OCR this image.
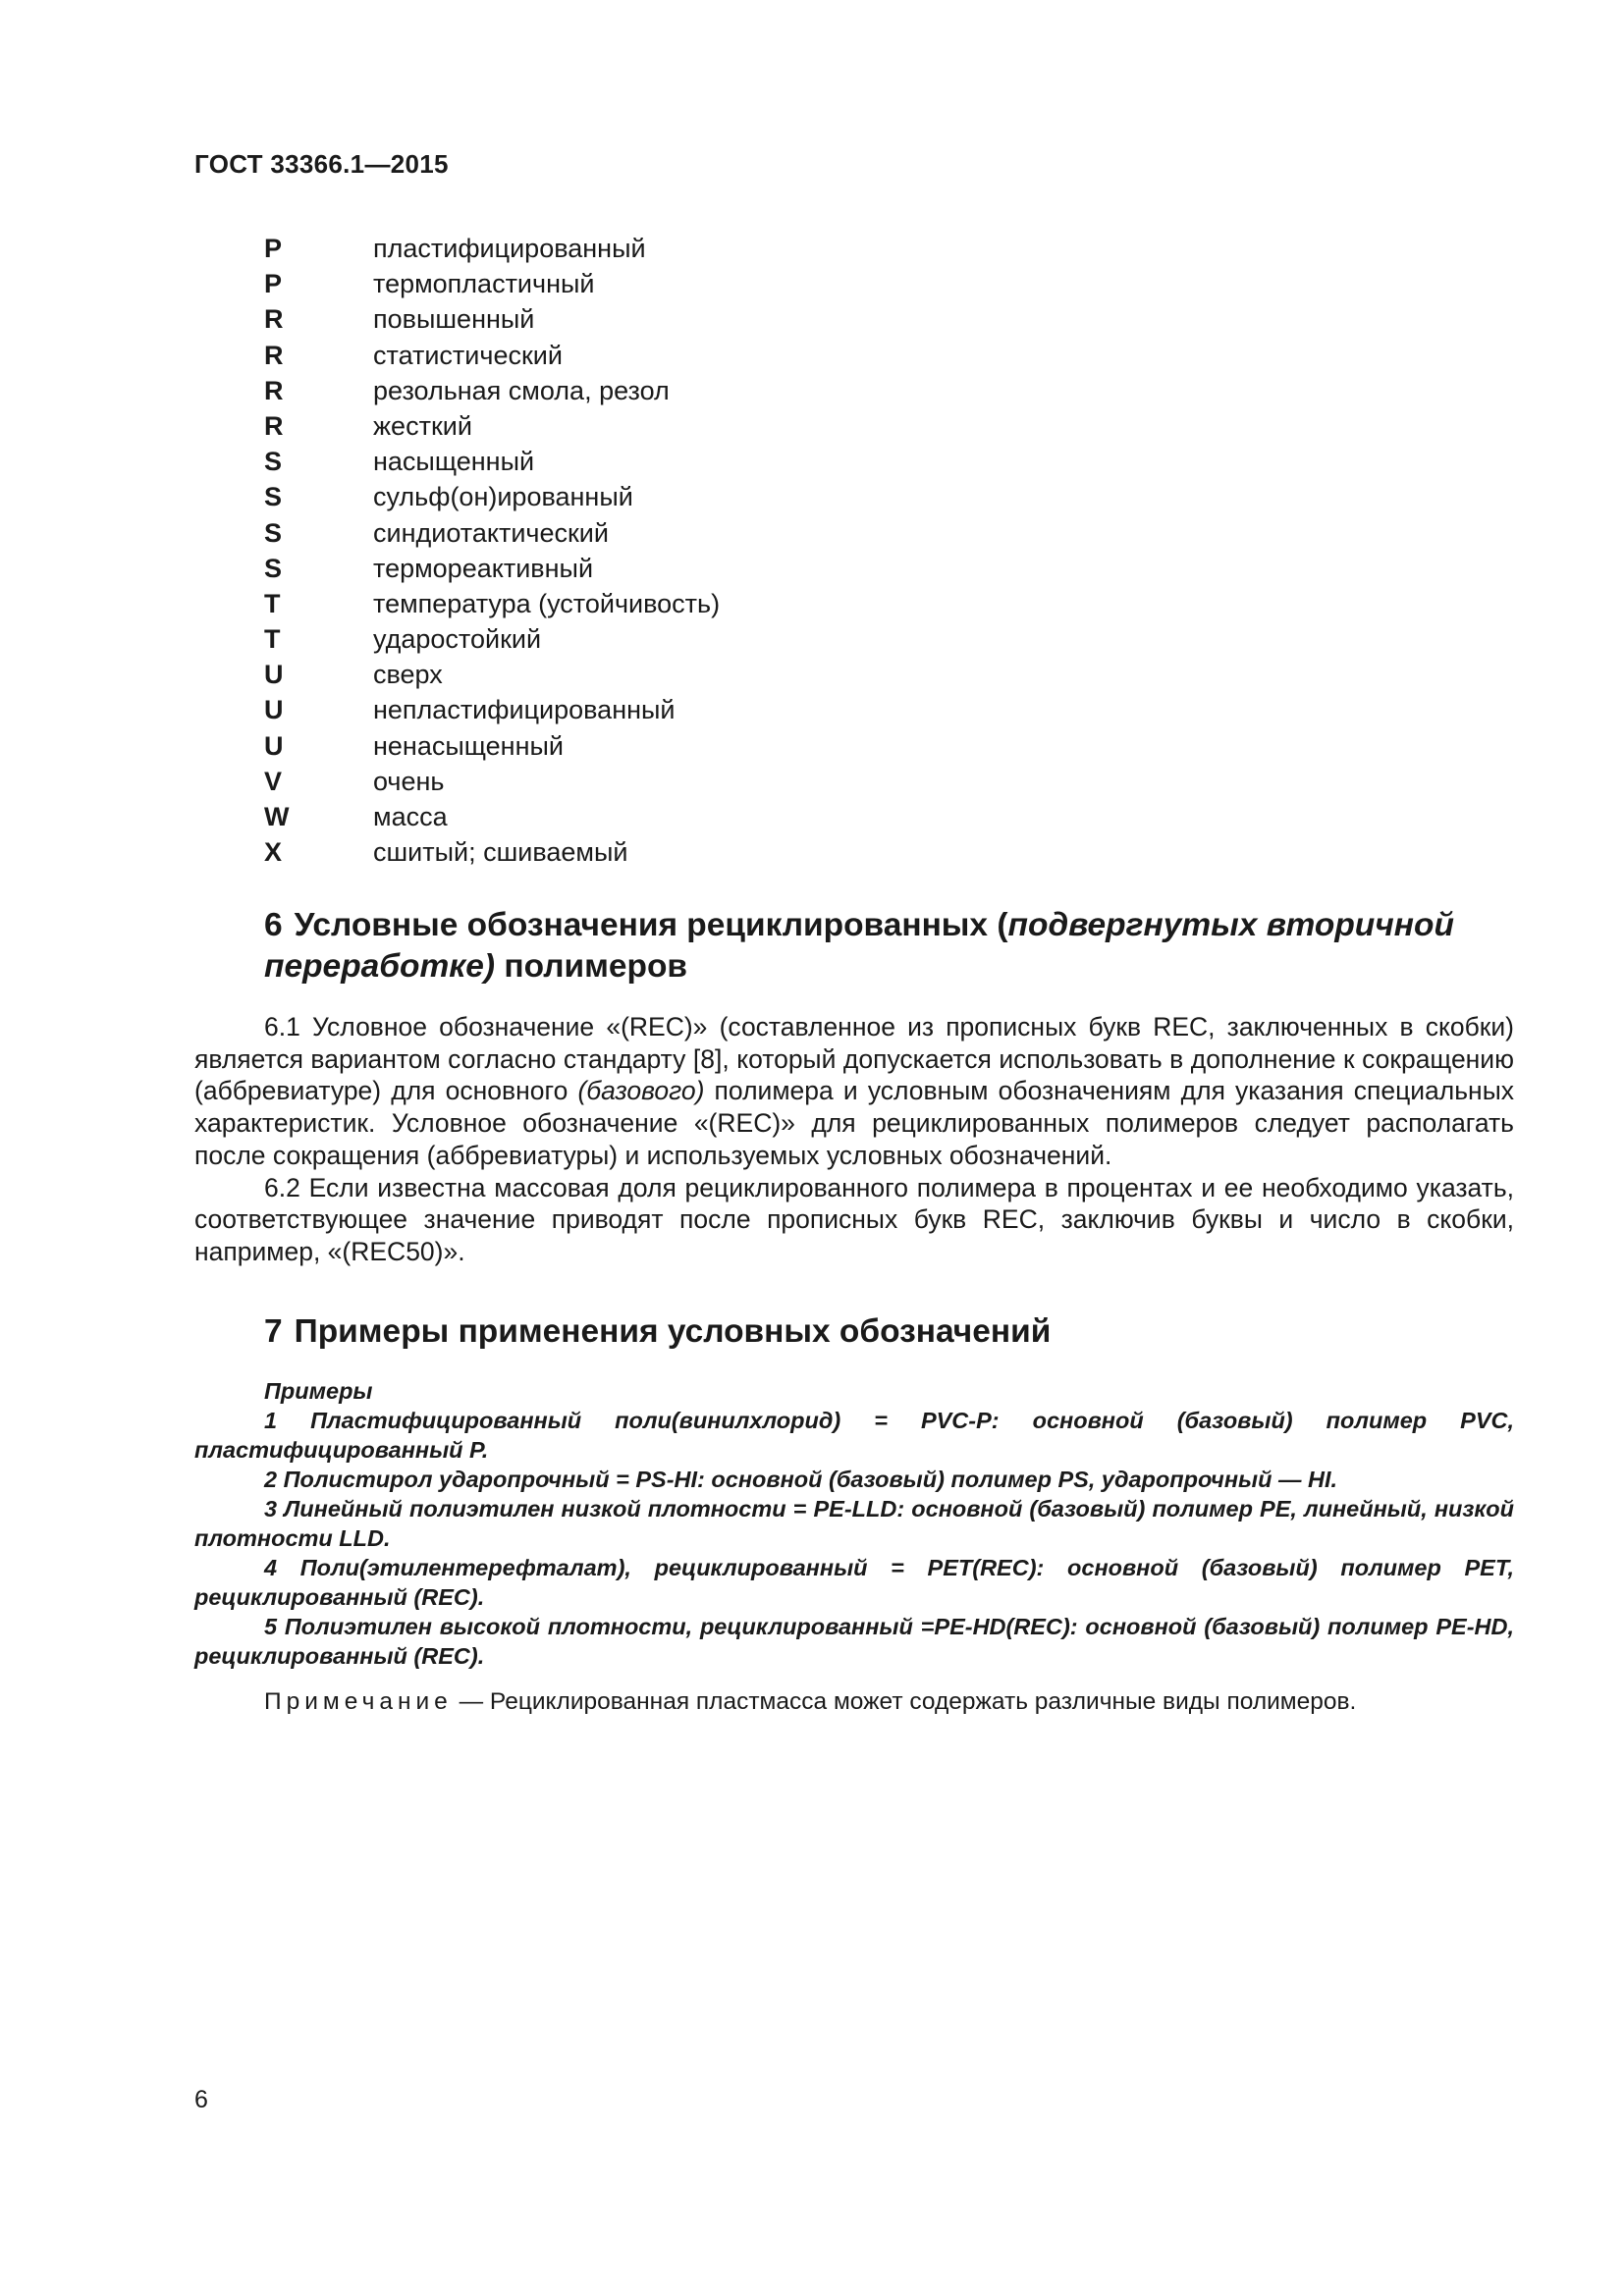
ГОСТ 33366.1—2015
P	пластифицированный
P	термопластичный
R	повышенный
R	статистический
R	резольная смола, резол
R	жесткий
S	насыщенный
S	сульф(он)ированный
S	синдиотактический
S	термореактивный
T	температура (устойчивость)
T	ударостойкий
U	сверх
U	непластифицированный
U	ненасыщенный
V	очень
W	масса
X	сшитый; сшиваемый
6 Условные обозначения рециклированных (подвергнутых вторичной переработке) полимеров

6.1 Условное обозначение «(REC)» (составленное из прописных букв REC, заключенных в скобки) является вариантом согласно стандарту [8], который допускается использовать в дополнение к сокращению (аббревиатуре) для основного (базового) полимера и условным обозначениям для указания специальных характеристик. Условное обозначение «(REC)» для рециклированных полимеров следует располагать после сокращения (аббревиатуры) и используемых условных обозначений.

6.2 Если известна массовая доля рециклированного полимера в процентах и ее необходимо указать, соответствующее значение приводят после прописных букв REC, заключив буквы и число в скобки, например, «(REC50)».

7 Примеры применения условных обозначений

Примеры

1 Пластифицированный поли(винилхлорид) = PVC-P: основной (базовый) полимер PVC, пластифицированный P.

2 Полистирол ударопрочный = PS-HI: основной (базовый) полимер PS, ударопрочный — HI.

3 Линейный полиэтилен низкой плотности = PE-LLD: основной (базовый) полимер PE, линейный, низкой плотности LLD.

4 Поли(этилентерефталат), рециклированный = PET(REC): основной (базовый) полимер PET, рециклированный (REC).

5 Полиэтилен высокой плотности, рециклированный =PE-HD(REC): основной (базовый) полимер PE-HD, рециклированный (REC).

Примечание — Рециклированная пластмасса может содержать различные виды полимеров.

6
